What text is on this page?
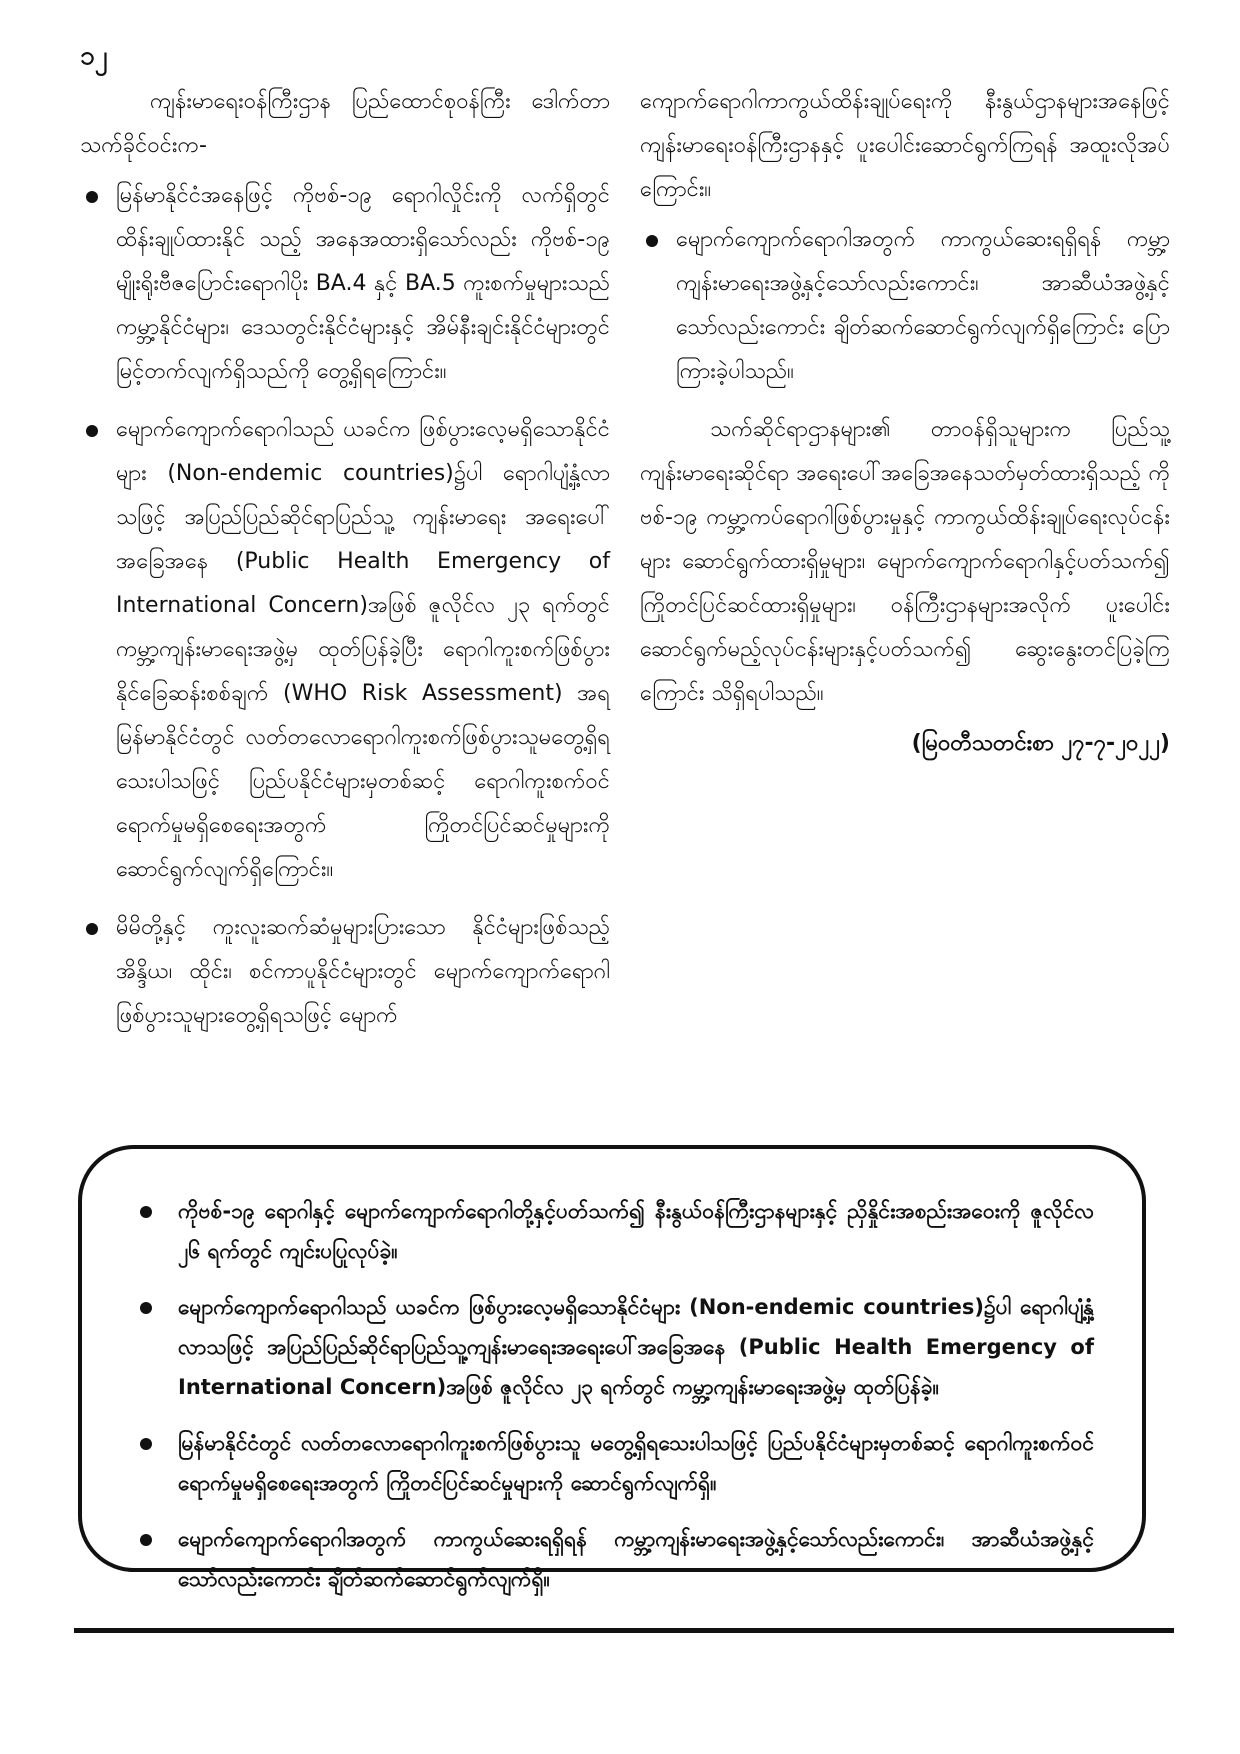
၁၂

ကျန်းမာရေးဝန်ကြီးဌာန ပြည်ထောင်စုဝန်ကြီး ဒေါက်တာသက်ခိုင်ဝင်းက-

မြန်မာနိုင်ငံအနေဖြင့် ကိုဗစ်-၁၉ ရောဂါလှိုင်းကို လက်ရှိတွင် ထိန်းချုပ်ထားနိုင် သည့် အနေအထားရှိသော်လည်း ကိုဗစ်-၁၉ မျိုးရိုးဗီဇပြောင်းရောဂါပိုး BA.4 နှင့် BA.5 ကူးစက်မှုများသည် ကမ္ဘာ့နိုင်ငံများ၊ ဒေသတွင်းနိုင်ငံများနှင့် အိမ်နီးချင်းနိုင်ငံများတွင် မြင့်တက်လျက်ရှိသည်ကို တွေ့ရှိရကြောင်း။
မျောက်ကျောက်ရောဂါသည် ယခင်က ဖြစ်ပွားလေ့မရှိသောနိုင်ငံများ (Non-endemic countries)၌ပါ ရောဂါပျံ့နှံ့လာသဖြင့် အပြည်ပြည်ဆိုင်ရာပြည်သူ့ ကျန်းမာရေး အရေးပေါ်အခြေအနေ (Public Health Emergency of International Concern)အဖြစ် ဇူလိုင်လ ၂၃ ရက်တွင် ကမ္ဘာ့ကျန်းမာရေးအဖွဲ့မှ ထုတ်ပြန်ခဲ့ပြီး ရောဂါကူးစက်ဖြစ်ပွားနိုင်ခြေဆန်းစစ်ချက် (WHO Risk Assessment) အရ မြန်မာနိုင်ငံတွင် လတ်တလောရောဂါကူးစက်ဖြစ်ပွားသူမတွေ့ရှိရသေးပါသဖြင့် ပြည်ပနိုင်ငံများမှတစ်ဆင့် ရောဂါကူးစက်ဝင်ရောက်မှုမရှိစေရေးအတွက် ကြိုတင်ပြင်ဆင်မှုများကို ဆောင်ရွက်လျက်ရှိကြောင်း။
မိမိတို့နှင့် ကူးလူးဆက်ဆံမှုများပြားသော နိုင်ငံများဖြစ်သည့် အိန္ဒိယ၊ ထိုင်း၊ စင်ကာပူနိုင်ငံများတွင် မျောက်ကျောက်ရောဂါ ဖြစ်ပွားသူများတွေ့ရှိရသဖြင့် မျောက်

ကျောက်ရောဂါကာကွယ်ထိန်းချုပ်ရေးကို နီးနွယ်ဌာနများအနေဖြင့် ကျန်းမာရေးဝန်ကြီးဌာနနှင့် ပူးပေါင်းဆောင်ရွက်ကြရန် အထူးလိုအပ်ကြောင်း။

မျောက်ကျောက်ရောဂါအတွက် ကာကွယ်ဆေးရရှိရန် ကမ္ဘာ့ကျန်းမာရေးအဖွဲ့နှင့်သော်လည်းကောင်း၊ အာဆီယံအဖွဲ့နှင့်သော်လည်းကောင်း ချိတ်ဆက်ဆောင်ရွက်လျက်ရှိကြောင်း ပြောကြားခဲ့ပါသည်။

သက်ဆိုင်ရာဌာနများ၏ တာဝန်ရှိသူများက ပြည်သူ့ကျန်းမာရေးဆိုင်ရာ အရေးပေါ်အခြေအနေသတ်မှတ်ထားရှိသည့် ကိုဗစ်-၁၉ ကမ္ဘာ့ကပ်ရောဂါဖြစ်ပွားမှုနှင့် ကာကွယ်ထိန်းချုပ်ရေးလုပ်ငန်းများ ဆောင်ရွက်ထားရှိမှုများ၊ မျောက်ကျောက်ရောဂါနှင့်ပတ်သက်၍ ကြိုတင်ပြင်ဆင်ထားရှိမှုများ၊ ဝန်ကြီးဌာနများအလိုက် ပူးပေါင်းဆောင်ရွက်မည့်လုပ်ငန်းများနှင့်ပတ်သက်၍ ဆွေးနွေးတင်ပြခဲ့ကြကြောင်း သိရှိရပါသည်။

(မြဝတီသတင်းစာ ၂၇-၇-၂၀၂၂)

ကိုဗစ်-၁၉ ရောဂါနှင့် မျောက်ကျောက်ရောဂါတို့နှင့်ပတ်သက်၍ နီးနွယ်ဝန်ကြီးဌာနများနှင့် ညှိနှိုင်းအစည်းအဝေးကို ဇူလိုင်လ ၂၆ ရက်တွင် ကျင်းပပြုလုပ်ခဲ့။
မျောက်ကျောက်ရောဂါသည် ယခင်က ဖြစ်ပွားလေ့မရှိသောနိုင်ငံများ (Non-endemic countries)၌ပါ ရောဂါပျံ့နှံ့လာသဖြင့် အပြည်ပြည်ဆိုင်ရာပြည်သူ့ကျန်းမာရေးအရေးပေါ်အခြေအနေ (Public Health Emergency of International Concern)အဖြစ် ဇူလိုင်လ ၂၃ ရက်တွင် ကမ္ဘာ့ကျန်းမာရေးအဖွဲ့မှ ထုတ်ပြန်ခဲ့။
မြန်မာနိုင်ငံတွင် လတ်တလောရောဂါကူးစက်ဖြစ်ပွားသူ မတွေ့ရှိရသေးပါသဖြင့် ပြည်ပနိုင်ငံများမှတစ်ဆင့် ရောဂါကူးစက်ဝင်ရောက်မှုမရှိစေရေးအတွက် ကြိုတင်ပြင်ဆင်မှုများကို ဆောင်ရွက်လျက်ရှိ။
မျောက်ကျောက်ရောဂါအတွက် ကာကွယ်ဆေးရရှိရန် ကမ္ဘာ့ကျန်းမာရေးအဖွဲ့နှင့်သော်လည်းကောင်း၊ အာဆီယံအဖွဲ့နှင့်သော်လည်းကောင်း ချိတ်ဆက်ဆောင်ရွက်လျက်ရှိ။
